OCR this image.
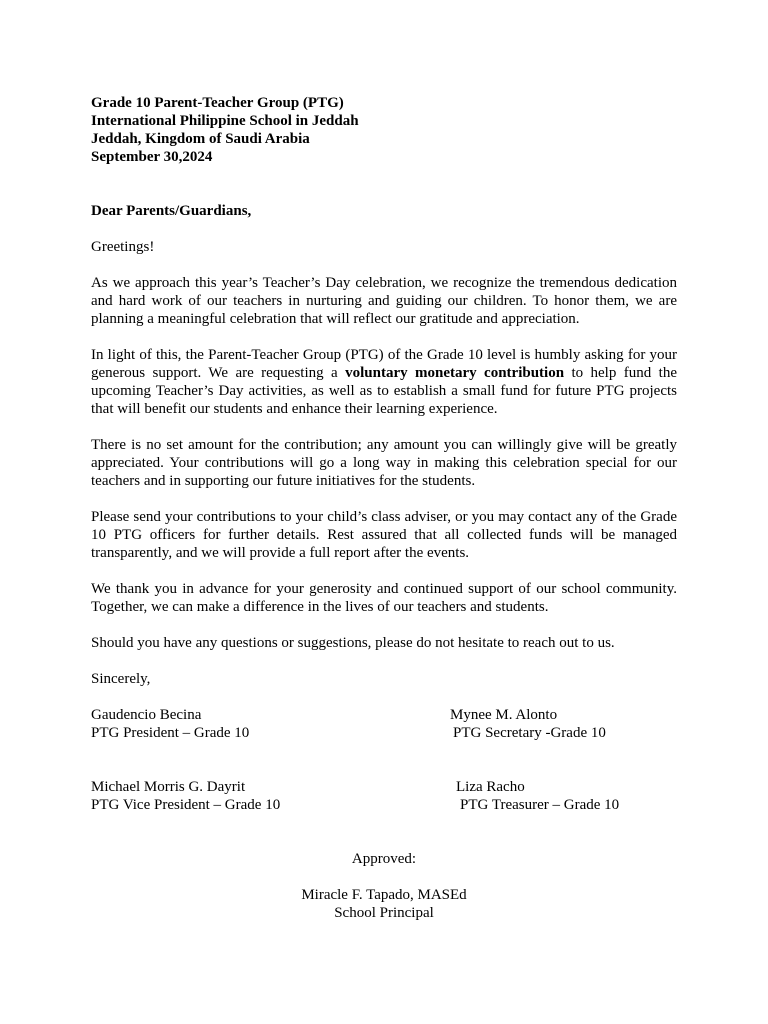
Grade 10 Parent-Teacher Group (PTG)
International Philippine School in Jeddah
Jeddah, Kingdom of Saudi Arabia
September 30,2024
Dear Parents/Guardians,
Greetings!

As we approach this year’s Teacher’s Day celebration, we recognize the tremendous dedication and hard work of our teachers in nurturing and guiding our children. To honor them, we are planning a meaningful celebration that will reflect our gratitude and appreciation.

In light of this, the Parent-Teacher Group (PTG) of the Grade 10 level is humbly asking for your generous support. We are requesting a voluntary monetary contribution to help fund the upcoming Teacher’s Day activities, as well as to establish a small fund for future PTG projects that will benefit our students and enhance their learning experience.

There is no set amount for the contribution; any amount you can willingly give will be greatly appreciated. Your contributions will go a long way in making this celebration special for our teachers and in supporting our future initiatives for the students.

Please send your contributions to your child’s class adviser, or you may contact any of the Grade 10 PTG officers for further details. Rest assured that all collected funds will be managed transparently, and we will provide a full report after the events.

We thank you in advance for your generosity and continued support of our school community. Together, we can make a difference in the lives of our teachers and students.

Should you have any questions or suggestions, please do not hesitate to reach out to us.

Sincerely,
Gaudencio Becina
PTG President – Grade 10
Mynee M. Alonto
PTG Secretary -Grade 10
Michael Morris G. Dayrit
PTG Vice President – Grade 10
Liza Racho
PTG Treasurer – Grade 10
Approved:
Miracle F. Tapado, MASEd
School Principal
